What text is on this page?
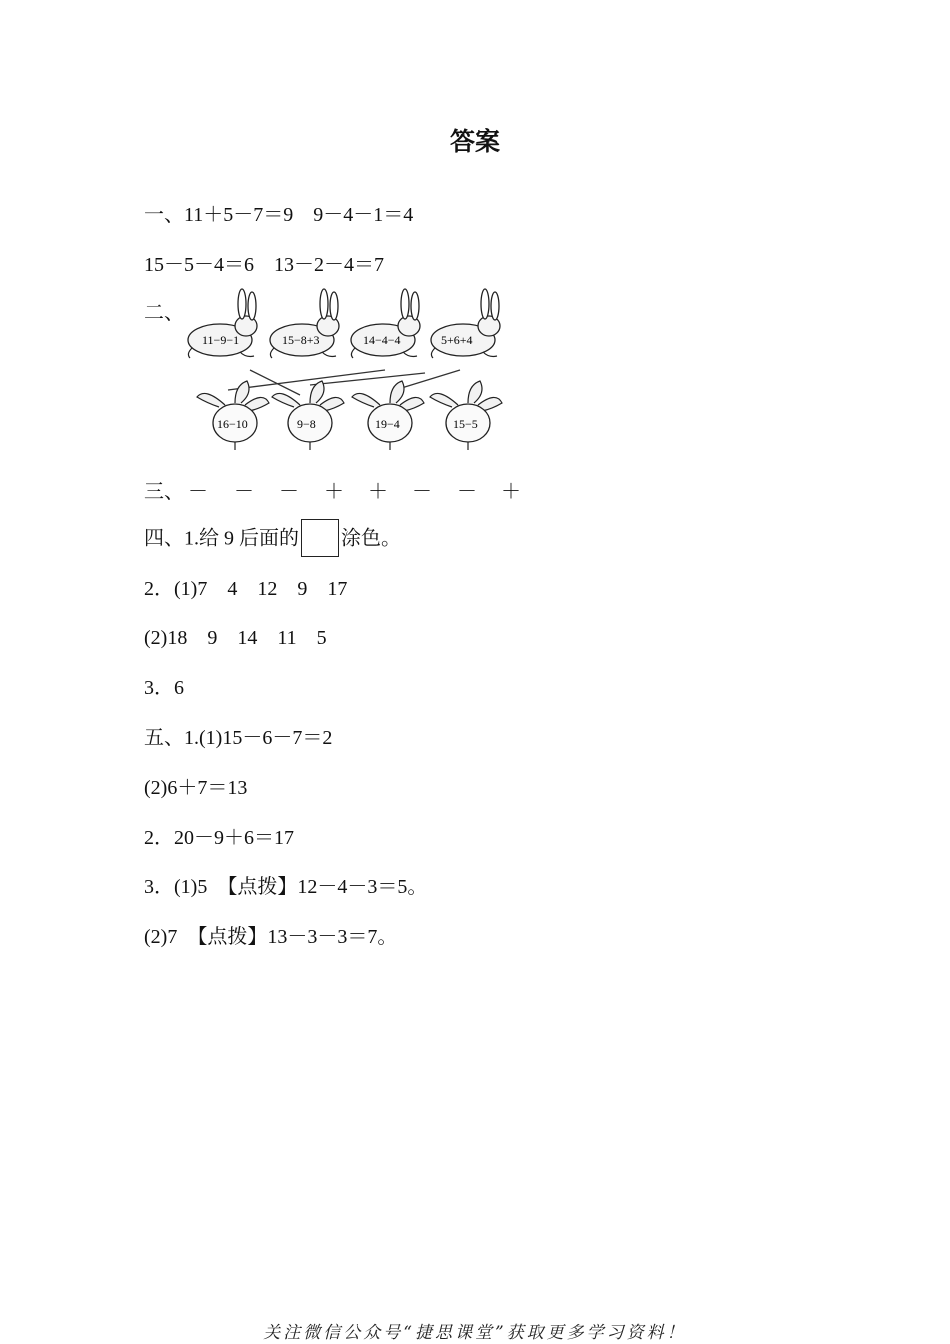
答案
一、11＋5－7＝9　9－4－1＝4
15－5－4＝6　13－2－4＝7
二、
11−9−1	15−8+3	14−4−4	5+6+4
16−10	9−8	19−4	15−5
三、 － － － ＋ ＋ － － ＋
四、1.给 9 后面的 涂色。
2．(1)7　4　12　9　17
(2)18　9　14　11　5
3．6
五、1.(1)15－6－7＝2
(2)6＋7＝13
2．20－9＋6＝17
3．(1)5　【点拨】12－4－3＝5。
(2)7　【点拨】13－3－3＝7。
关注微信公众号“捷思课堂”获取更多学习资料！
